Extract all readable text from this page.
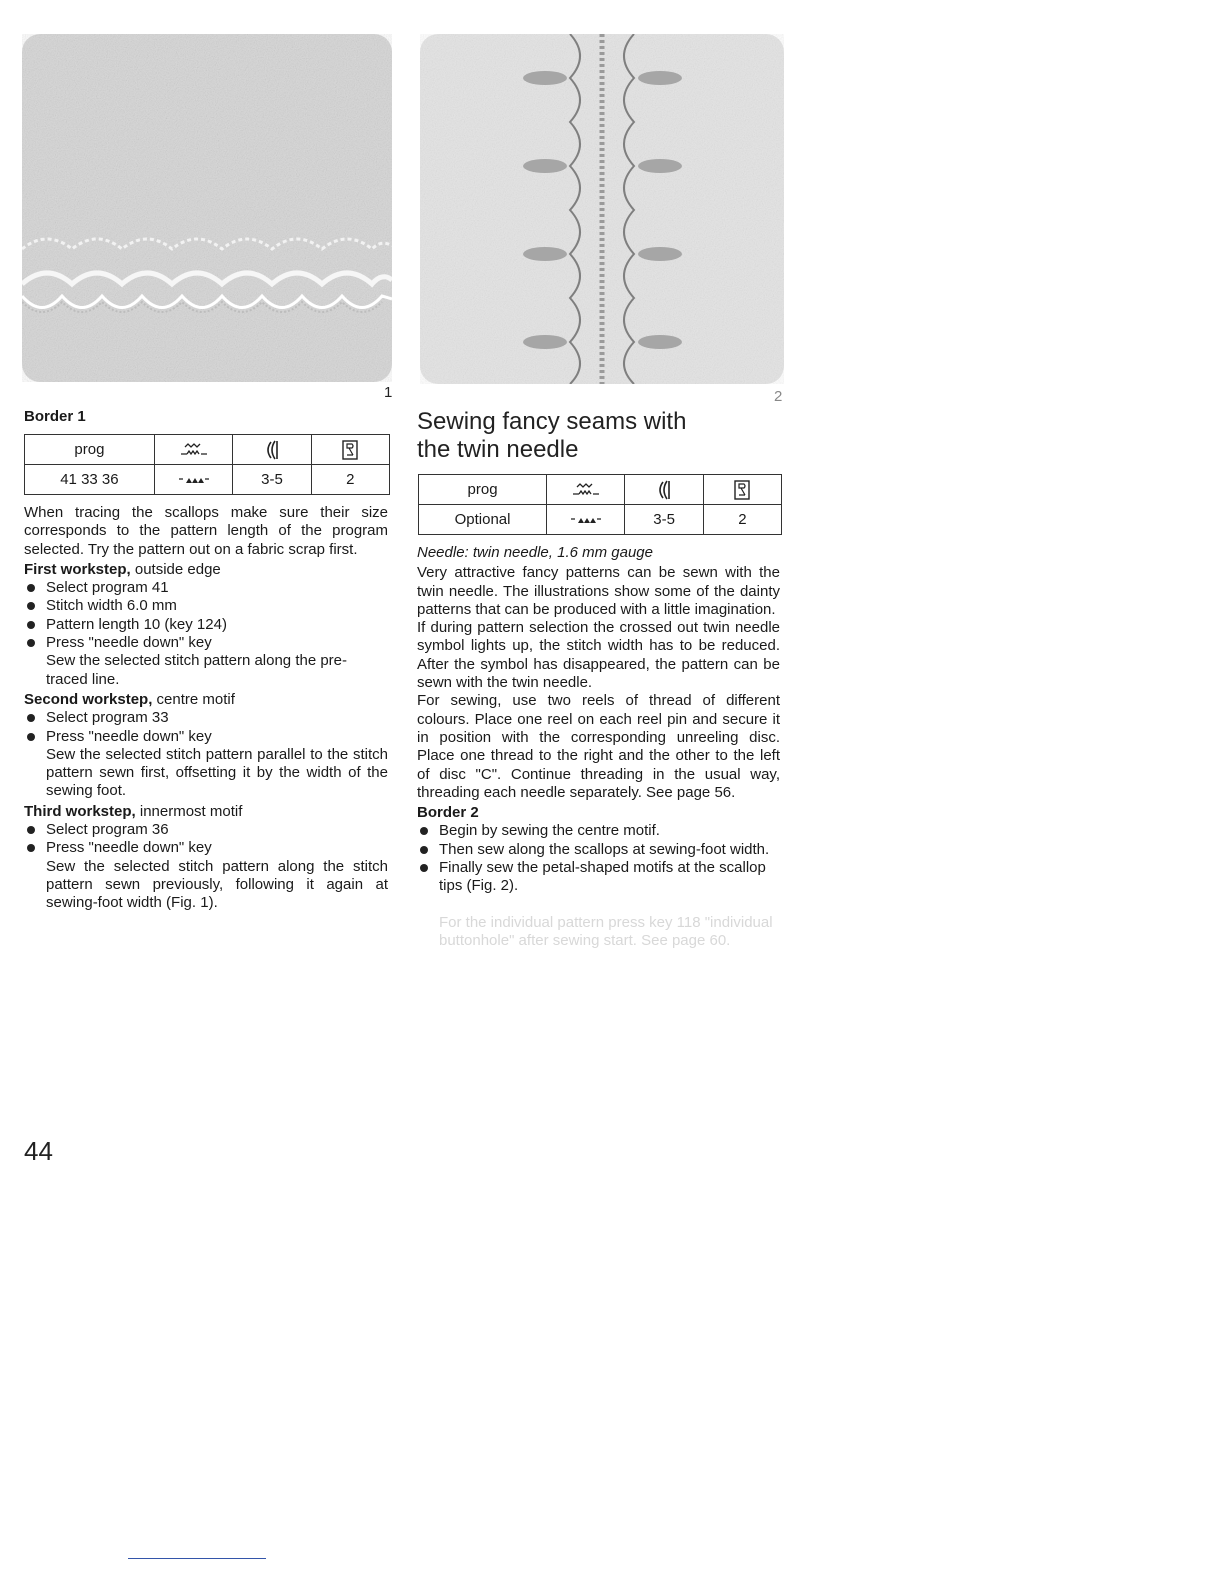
1	2
Border 1
prog			
41 33 36		3-5	2

When tracing the scallops make sure their size corresponds to the pattern length of the program selected. Try the pattern out on a fabric scrap first.

First workstep, outside edge

Select program 41
Stitch width 6.0 mm
Pattern length 10 (key 124)
Press "needle down" key

Sew the selected stitch pattern along the pre-traced line.

Second workstep, centre motif

Select program 33
Press "needle down" key

Sew the selected stitch pattern parallel to the stitch pattern sewn first, offsetting it by the width of the sewing foot.

Third workstep, innermost motif

Select program 36
Press "needle down" key

Sew the selected stitch pattern along the stitch pattern sewn previously, following it again at sewing-foot width (Fig. 1).

Sewing fancy seams with
the twin needle
prog			
Optional		3-5	2

Needle: twin needle, 1.6 mm gauge

Very attractive fancy patterns can be sewn with the twin needle. The illustrations show some of the dainty patterns that can be produced with a little imagination.

If during pattern selection the crossed out twin needle symbol lights up, the stitch width has to be reduced. After the symbol has disappeared, the pattern can be sewn with the twin needle.

For sewing, use two reels of thread of different colours. Place one reel on each reel pin and secure it in position with the corresponding unreeling disc. Place one thread to the right and the other to the left of disc "C". Continue threading in the usual way, threading each needle separately. See page 56.

Border 2

Begin by sewing the centre motif.
Then sew along the scallops at sewing-foot width.
Finally sew the petal-shaped motifs at the scallop tips (Fig. 2).

For the individual pattern press key 118 "individual buttonhole" after sewing start. See page 60.

44
